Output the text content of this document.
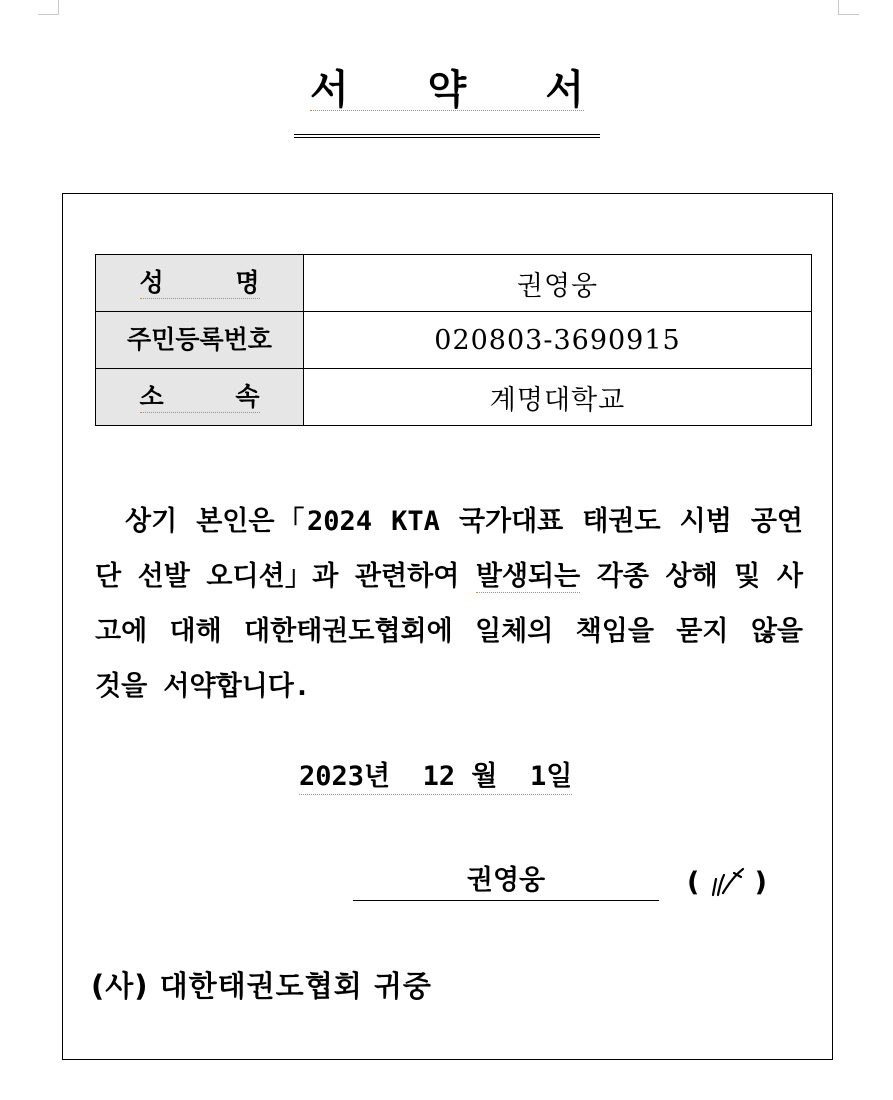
서 약 서
성 명	권영웅
주민등록번호	020803-3690915

소 속	계명대학교
상기 본인은「2024 KTA 국가대표 태권도 시범 공연단 선발 오디션」과 관련하여 발생되는 각종 상해 및 사고에 대해 대한태권도협회에 일체의 책임을 묻지 않을 것을 서약합니다.
2023년  12 월  1일
권영웅	( )
(사) 대한태권도협회 귀중
